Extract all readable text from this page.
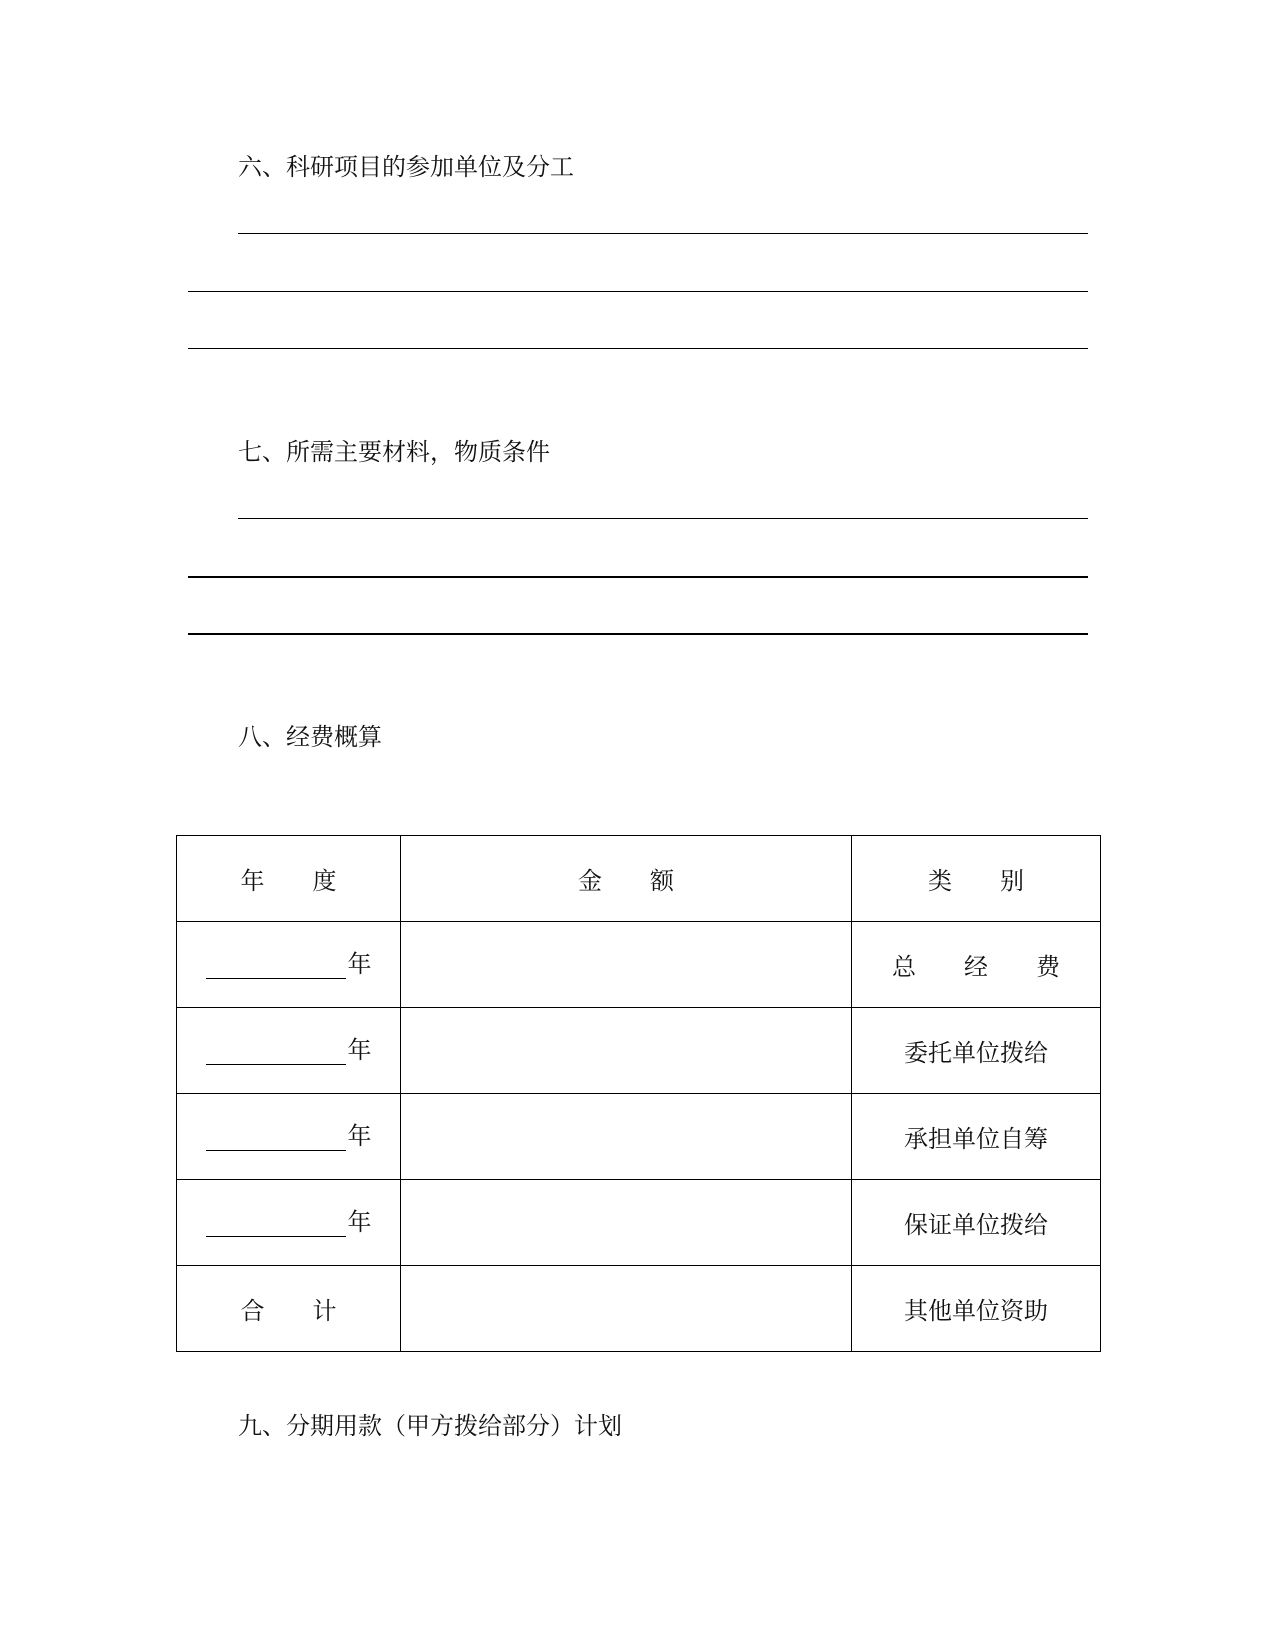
六、科研项目的参加单位及分工
七、所需主要材料，物质条件
八、经费概算
年　　度	金　　额	类　　别

年		总　　经　　费

年		委托单位拨给

年		承担单位自筹

年		保证单位拨给
合　　计		其他单位资助
九、分期用款（甲方拨给部分）计划
